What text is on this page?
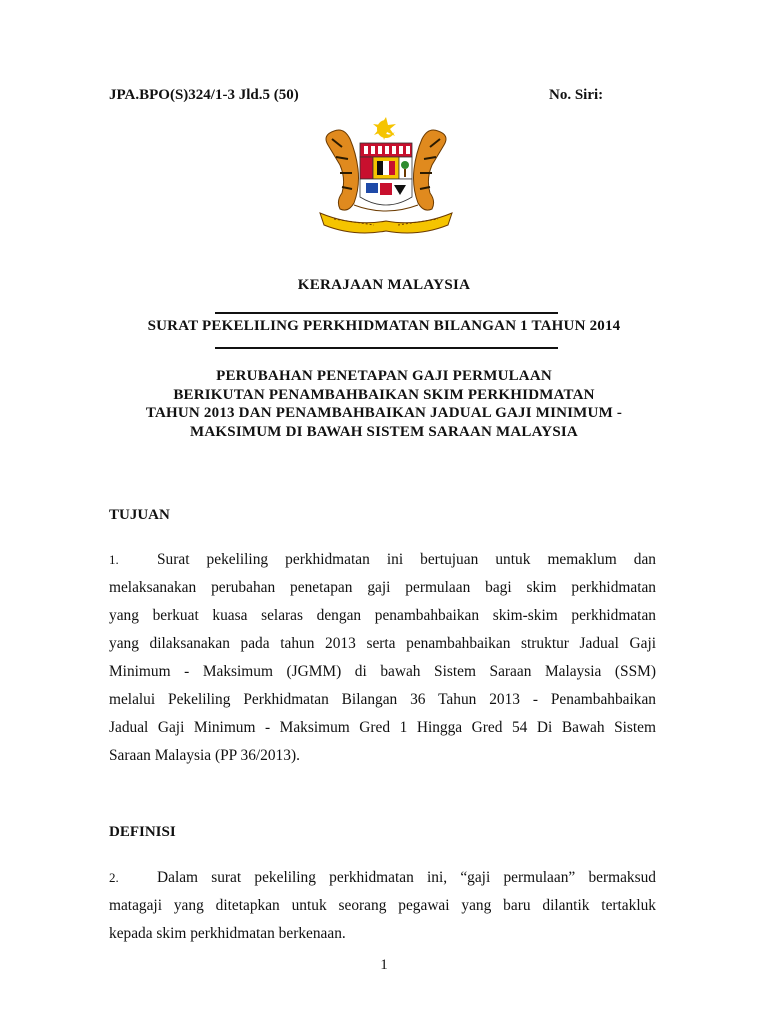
JPA.BPO(S)324/1-3 Jld.5 (50)	No. Siri:
KERAJAAN MALAYSIA
SURAT PEKELILING PERKHIDMATAN BILANGAN 1 TAHUN 2014
PERUBAHAN PENETAPAN GAJI PERMULAAN
BERIKUTAN PENAMBAHBAIKAN SKIM PERKHIDMATAN
TAHUN 2013 DAN PENAMBAHBAIKAN JADUAL GAJI MINIMUM -
MAKSIMUM DI BAWAH SISTEM SARAAN MALAYSIA
TUJUAN
1. Surat pekeliling perkhidmatan ini bertujuan untuk memaklum dan
melaksanakan perubahan penetapan gaji permulaan bagi skim perkhidmatan
yang berkuat kuasa selaras dengan penambahbaikan skim-skim perkhidmatan
yang dilaksanakan pada tahun 2013 serta penambahbaikan struktur Jadual Gaji
Minimum - Maksimum (JGMM) di bawah Sistem Saraan Malaysia (SSM)
melalui Pekeliling Perkhidmatan Bilangan 36 Tahun 2013 - Penambahbaikan
Jadual Gaji Minimum - Maksimum Gred 1 Hingga Gred 54 Di Bawah Sistem
Saraan Malaysia (PP 36/2013).
DEFINISI
2. Dalam surat pekeliling perkhidmatan ini, “gaji permulaan” bermaksud
matagaji yang ditetapkan untuk seorang pegawai yang baru dilantik tertakluk
kepada skim perkhidmatan berkenaan.
1
